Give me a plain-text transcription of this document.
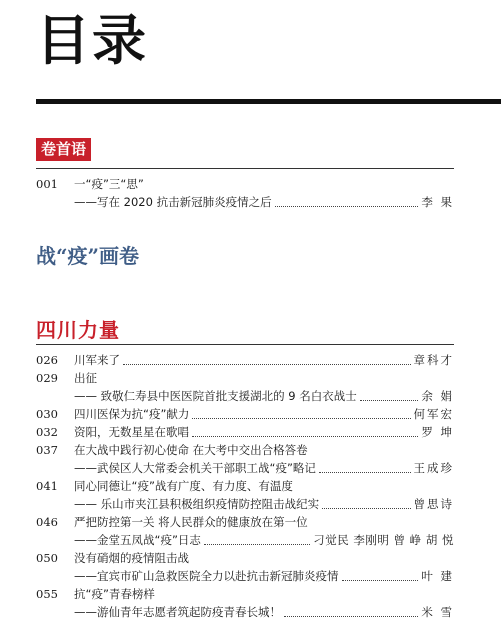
目录
卷首语
001	一“疫”三“思”
——写在 2020 抗击新冠肺炎疫情之后	李 果
战“疫”画卷
四川力量
026	川军来了	章科才
029	出征
—— 致敬仁寿县中医医院首批支援湖北的 9 名白衣战士	余 娟
030	四川医保为抗“疫”献力	何军宏
032	资阳，无数星星在歌唱	罗 坤
037	在大战中践行初心使命 在大考中交出合格答卷
——武侯区人大常委会机关干部职工战“疫”略记	王成珍
041	同心同德让“疫”战有广度、有力度、有温度
—— 乐山市夹江县积极组织疫情防控阻击战纪实	曾思诗
046	严把防控第一关 将人民群众的健康放在第一位
——金堂五凤战“疫”日志	刁觉民 李刚明 曾 峥 胡 悦
050	没有硝烟的疫情阻击战
——宜宾市矿山急救医院全力以赴抗击新冠肺炎疫情	叶 建
055	抗“疫”青春榜样
——游仙青年志愿者筑起防疫青春长城！	米 雪
